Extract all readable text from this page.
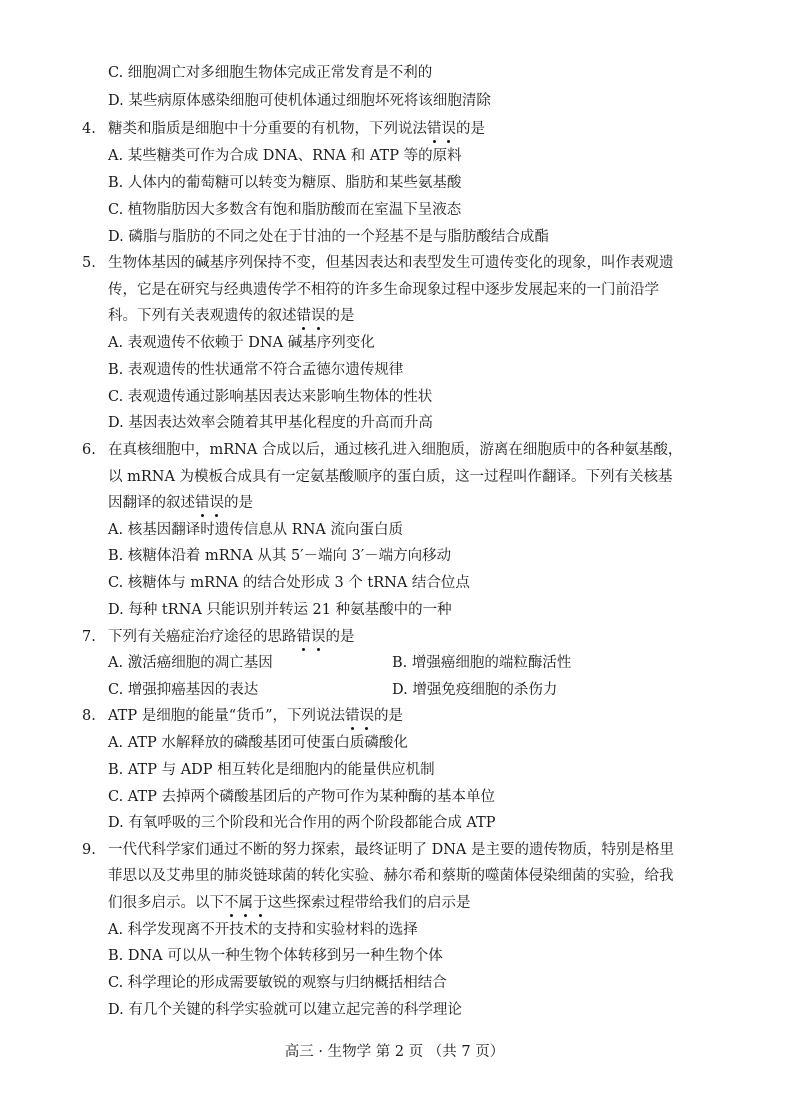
C. 细胞凋亡对多细胞生物体完成正常发育是不利的
D. 某些病原体感染细胞可使机体通过细胞坏死将该细胞清除
4. 糖类和脂质是细胞中十分重要的有机物，下列说法错误的是
A. 某些糖类可作为合成 DNA、RNA 和 ATP 等的原料
B. 人体内的葡萄糖可以转变为糖原、脂肪和某些氨基酸
C. 植物脂肪因大多数含有饱和脂肪酸而在室温下呈液态
D. 磷脂与脂肪的不同之处在于甘油的一个羟基不是与脂肪酸结合成酯
5. 生物体基因的碱基序列保持不变，但基因表达和表型发生可遗传变化的现象，叫作表观遗
传，它是在研究与经典遗传学不相符的许多生命现象过程中逐步发展起来的一门前沿学
科。下列有关表观遗传的叙述错误的是
A. 表观遗传不依赖于 DNA 碱基序列变化
B. 表观遗传的性状通常不符合孟德尔遗传规律
C. 表观遗传通过影响基因表达来影响生物体的性状
D. 基因表达效率会随着其甲基化程度的升高而升高
6. 在真核细胞中，mRNA 合成以后，通过核孔进入细胞质，游离在细胞质中的各种氨基酸，
以 mRNA 为模板合成具有一定氨基酸顺序的蛋白质，这一过程叫作翻译。下列有关核基
因翻译的叙述错误的是
A. 核基因翻译时遗传信息从 RNA 流向蛋白质
B. 核糖体沿着 mRNA 从其 5′－端向 3′－端方向移动
C. 核糖体与 mRNA 的结合处形成 3 个 tRNA 结合位点
D. 每种 tRNA 只能识别并转运 21 种氨基酸中的一种
7. 下列有关癌症治疗途径的思路错误的是
A. 激活癌细胞的凋亡基因	B. 增强癌细胞的端粒酶活性
C. 增强抑癌基因的表达	D. 增强免疫细胞的杀伤力
8. ATP 是细胞的能量“货币”，下列说法错误的是
A. ATP 水解释放的磷酸基团可使蛋白质磷酸化
B. ATP 与 ADP 相互转化是细胞内的能量供应机制
C. ATP 去掉两个磷酸基团后的产物可作为某种酶的基本单位
D. 有氧呼吸的三个阶段和光合作用的两个阶段都能合成 ATP
9. 一代代科学家们通过不断的努力探索，最终证明了 DNA 是主要的遗传物质，特别是格里
菲思以及艾弗里的肺炎链球菌的转化实验、赫尔希和蔡斯的噬菌体侵染细菌的实验，给我
们很多启示。以下不属于这些探索过程带给我们的启示是
A. 科学发现离不开技术的支持和实验材料的选择
B. DNA 可以从一种生物个体转移到另一种生物个体
C. 科学理论的形成需要敏锐的观察与归纳概括相结合
D. 有几个关键的科学实验就可以建立起完善的科学理论
高三 · 生物学 第 2 页 （共 7 页）
